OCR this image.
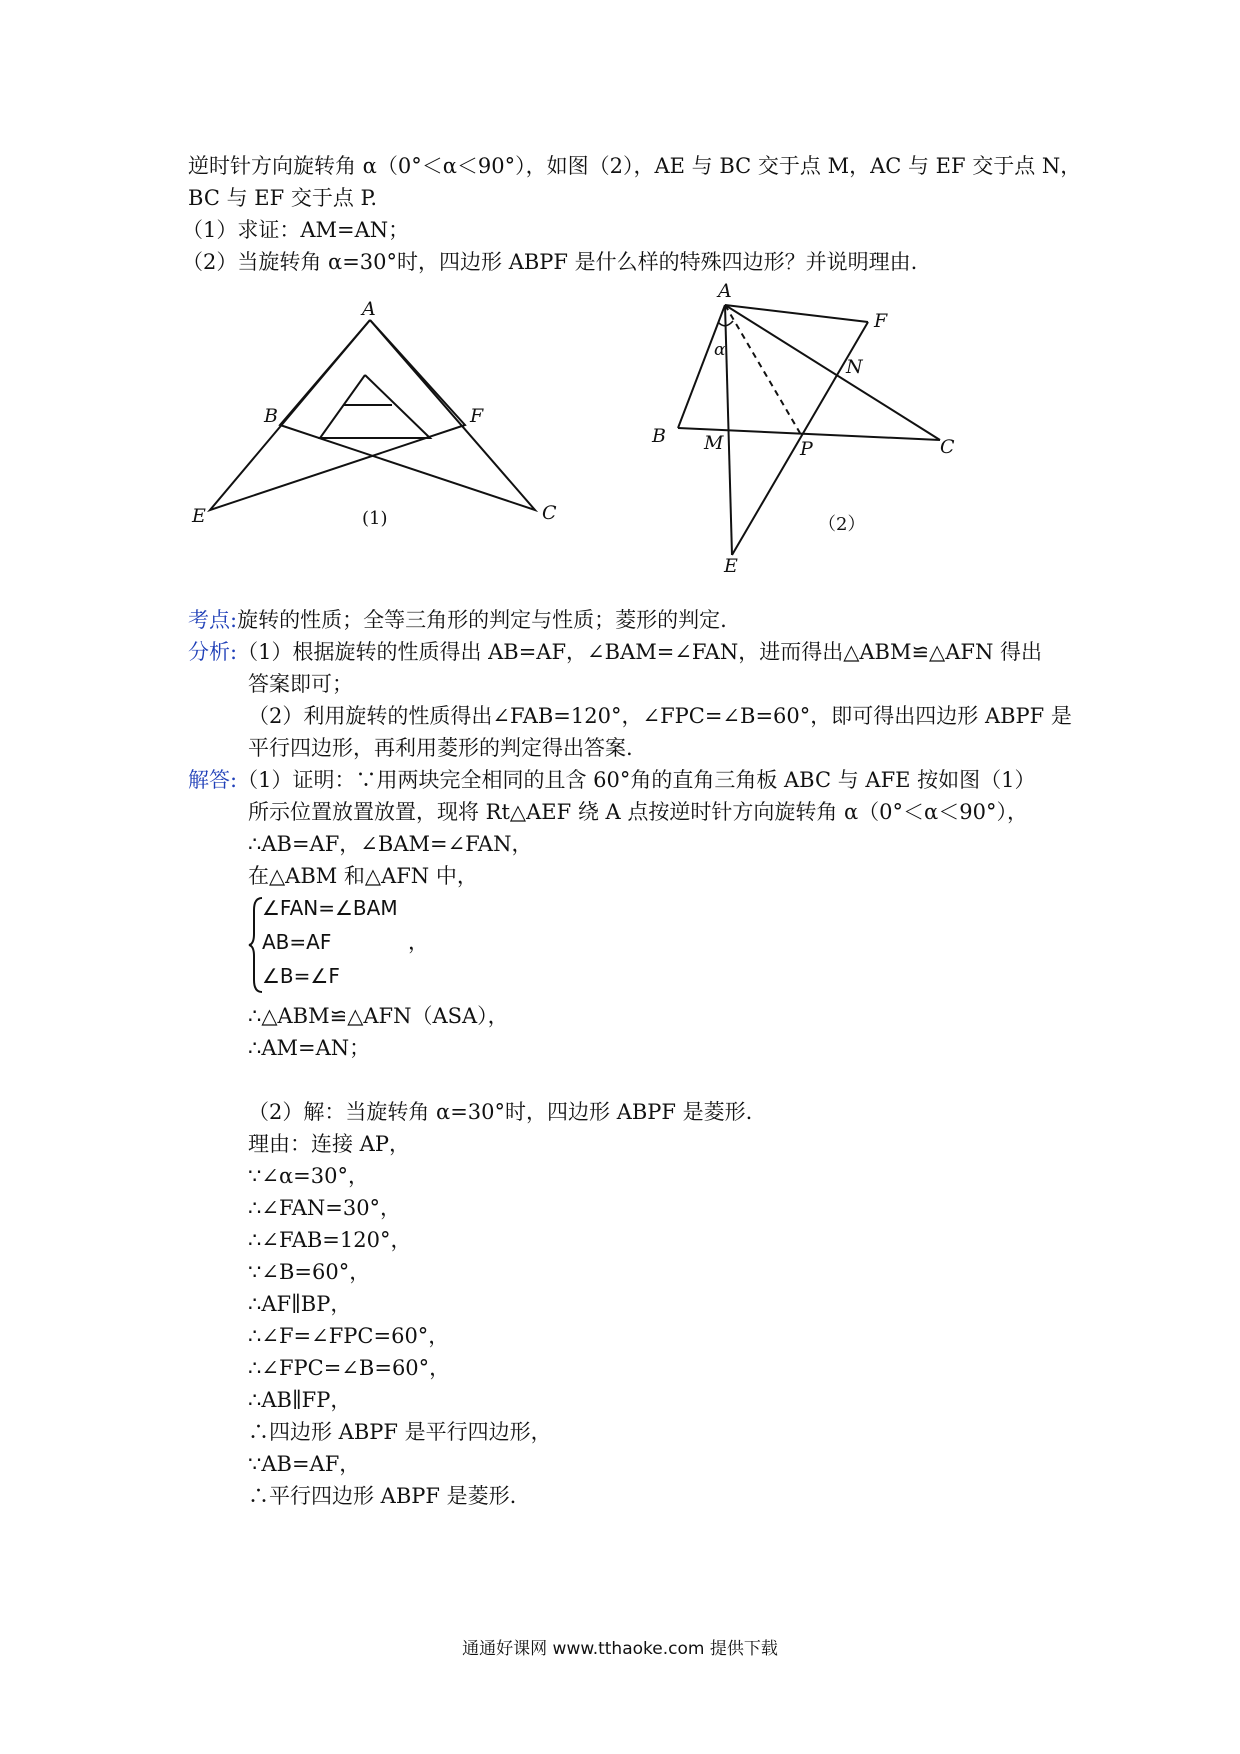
逆时针方向旋转角 α（0°＜α＜90°），如图（2），AE 与 BC 交于点 M，AC 与 EF 交于点 N，
BC 与 EF 交于点 P.
（1）求证：AM=AN；
（2）当旋转角 α=30°时，四边形 ABPF 是什么样的特殊四边形？并说明理由.
A
B	F
E	C
(1)
A
F
N
α
B M	P	C
E
（2）
考点:旋转的性质；全等三角形的判定与性质；菱形的判定.
分析:（1）根据旋转的性质得出 AB=AF，∠BAM=∠FAN，进而得出△ABM≌△AFN 得出
答案即可；
（2）利用旋转的性质得出∠FAB=120°，∠FPC=∠B=60°，即可得出四边形 ABPF 是
平行四边形，再利用菱形的判定得出答案.
解答:（1）证明：∵用两块完全相同的且含 60°角的直角三角板 ABC 与 AFE 按如图（1）
所示位置放置放置，现将 Rt△AEF 绕 A 点按逆时针方向旋转角 α（0°＜α＜90°），
∴AB=AF，∠BAM=∠FAN，
在△ABM 和△AFN 中，
∠FAN=∠BAM
AB=AF
∠B=∠F
，
∴△ABM≌△AFN（ASA），
∴AM=AN；
（2）解：当旋转角 α=30°时，四边形 ABPF 是菱形.
理由：连接 AP，
∵∠α=30°，
∴∠FAN=30°，
∴∠FAB=120°，
∵∠B=60°，
∴AF∥BP，
∴∠F=∠FPC=60°，
∴∠FPC=∠B=60°，
∴AB∥FP，
∴四边形 ABPF 是平行四边形，
∵AB=AF，
∴平行四边形 ABPF 是菱形.
通通好课网 www.tthaoke.com 提供下载
